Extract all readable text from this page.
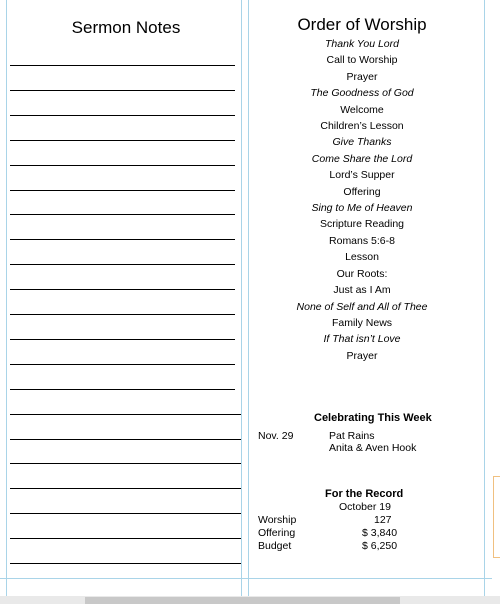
Sermon Notes	Order of Worship
Thank You Lord
Call to Worship
Prayer
The Goodness of God
Welcome
Children’s Lesson
Give Thanks
Come Share the Lord
Lord’s Supper
Offering
Sing to Me of Heaven
Scripture Reading
Romans 5:6-8
Lesson
Our Roots:
Just as I Am
None of Self and All of Thee
Family News
If That isn’t Love
Prayer
Celebrating This Week
Nov. 29	Pat Rains
Anita & Aven Hook
For the Record
October 19
Worship	127
Offering	$ 3,840
Budget	$ 6,250
